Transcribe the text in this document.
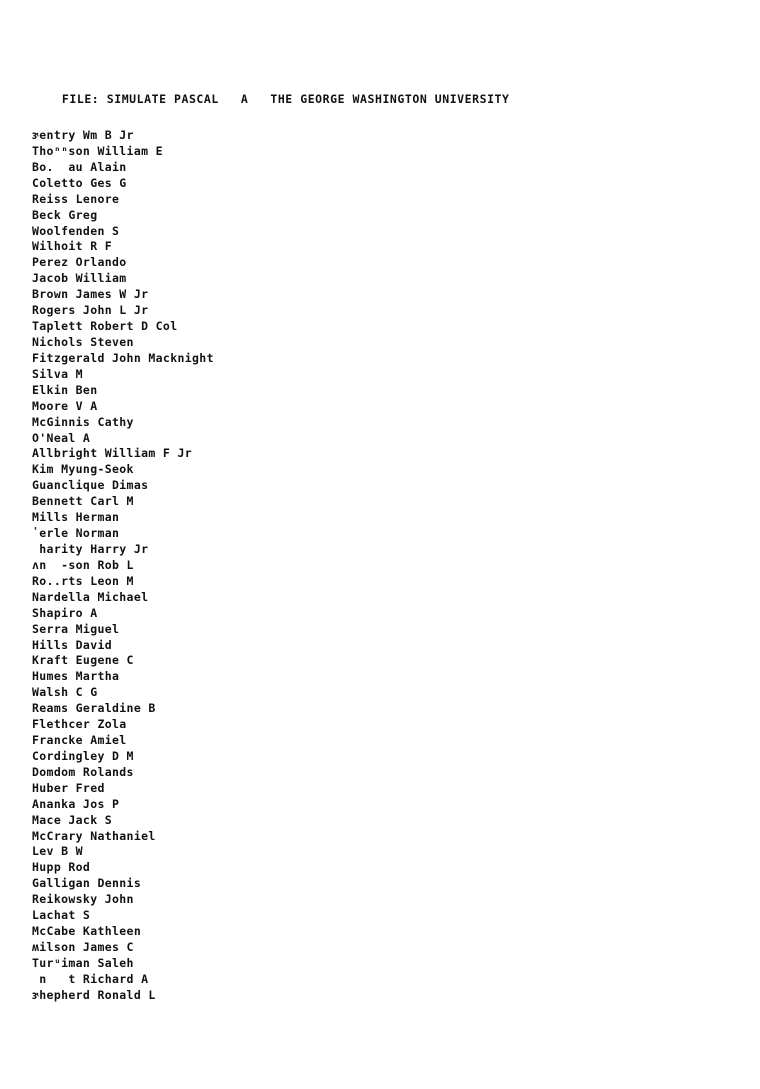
FILE: SIMULATE PASCAL A THE GEORGE WASHINGTON UNIVERSITY

ɝentry Wm B Jr
Thoⁿⁿson William E
Bo.  au Alain
Coletto Ges G
Reiss Lenore
Beck Greg
Woolfenden S
Wilhoit R F
Perez Orlando
Jacob William
Brown James W Jr
Rogers John L Jr
Taplett Robert D Col
Nichols Steven
Fitzgerald John Macknight
Silva M
Elkin Ben
Moore V A
McGinnis Cathy
O'Neal A
Allbright William F Jr
Kim Myung-Seok
Guanclique Dimas
Bennett Carl M
Mills Herman
ʽerle Norman
harity Harry Jr
ʌn  -son Rob L
Ro..rts Leon M
Nardella Michael
Shapiro A
Serra Miguel
Hills David
Kraft Eugene C
Humes Martha
Walsh C G
Reams Geraldine B
Flethcer Zola
Francke Amiel
Cordingley D M
Domdom Rolands
Huber Fred
Ananka Jos P
Mace Jack S
McCrary Nathaniel
Lev B W
Hupp Rod
Galligan Dennis
Reikowsky John
Lachat S
McCabe Kathleen
ʍilson James C
Turᵘiman Saleh
n   t Richard A
ɝhepherd Ronald L
